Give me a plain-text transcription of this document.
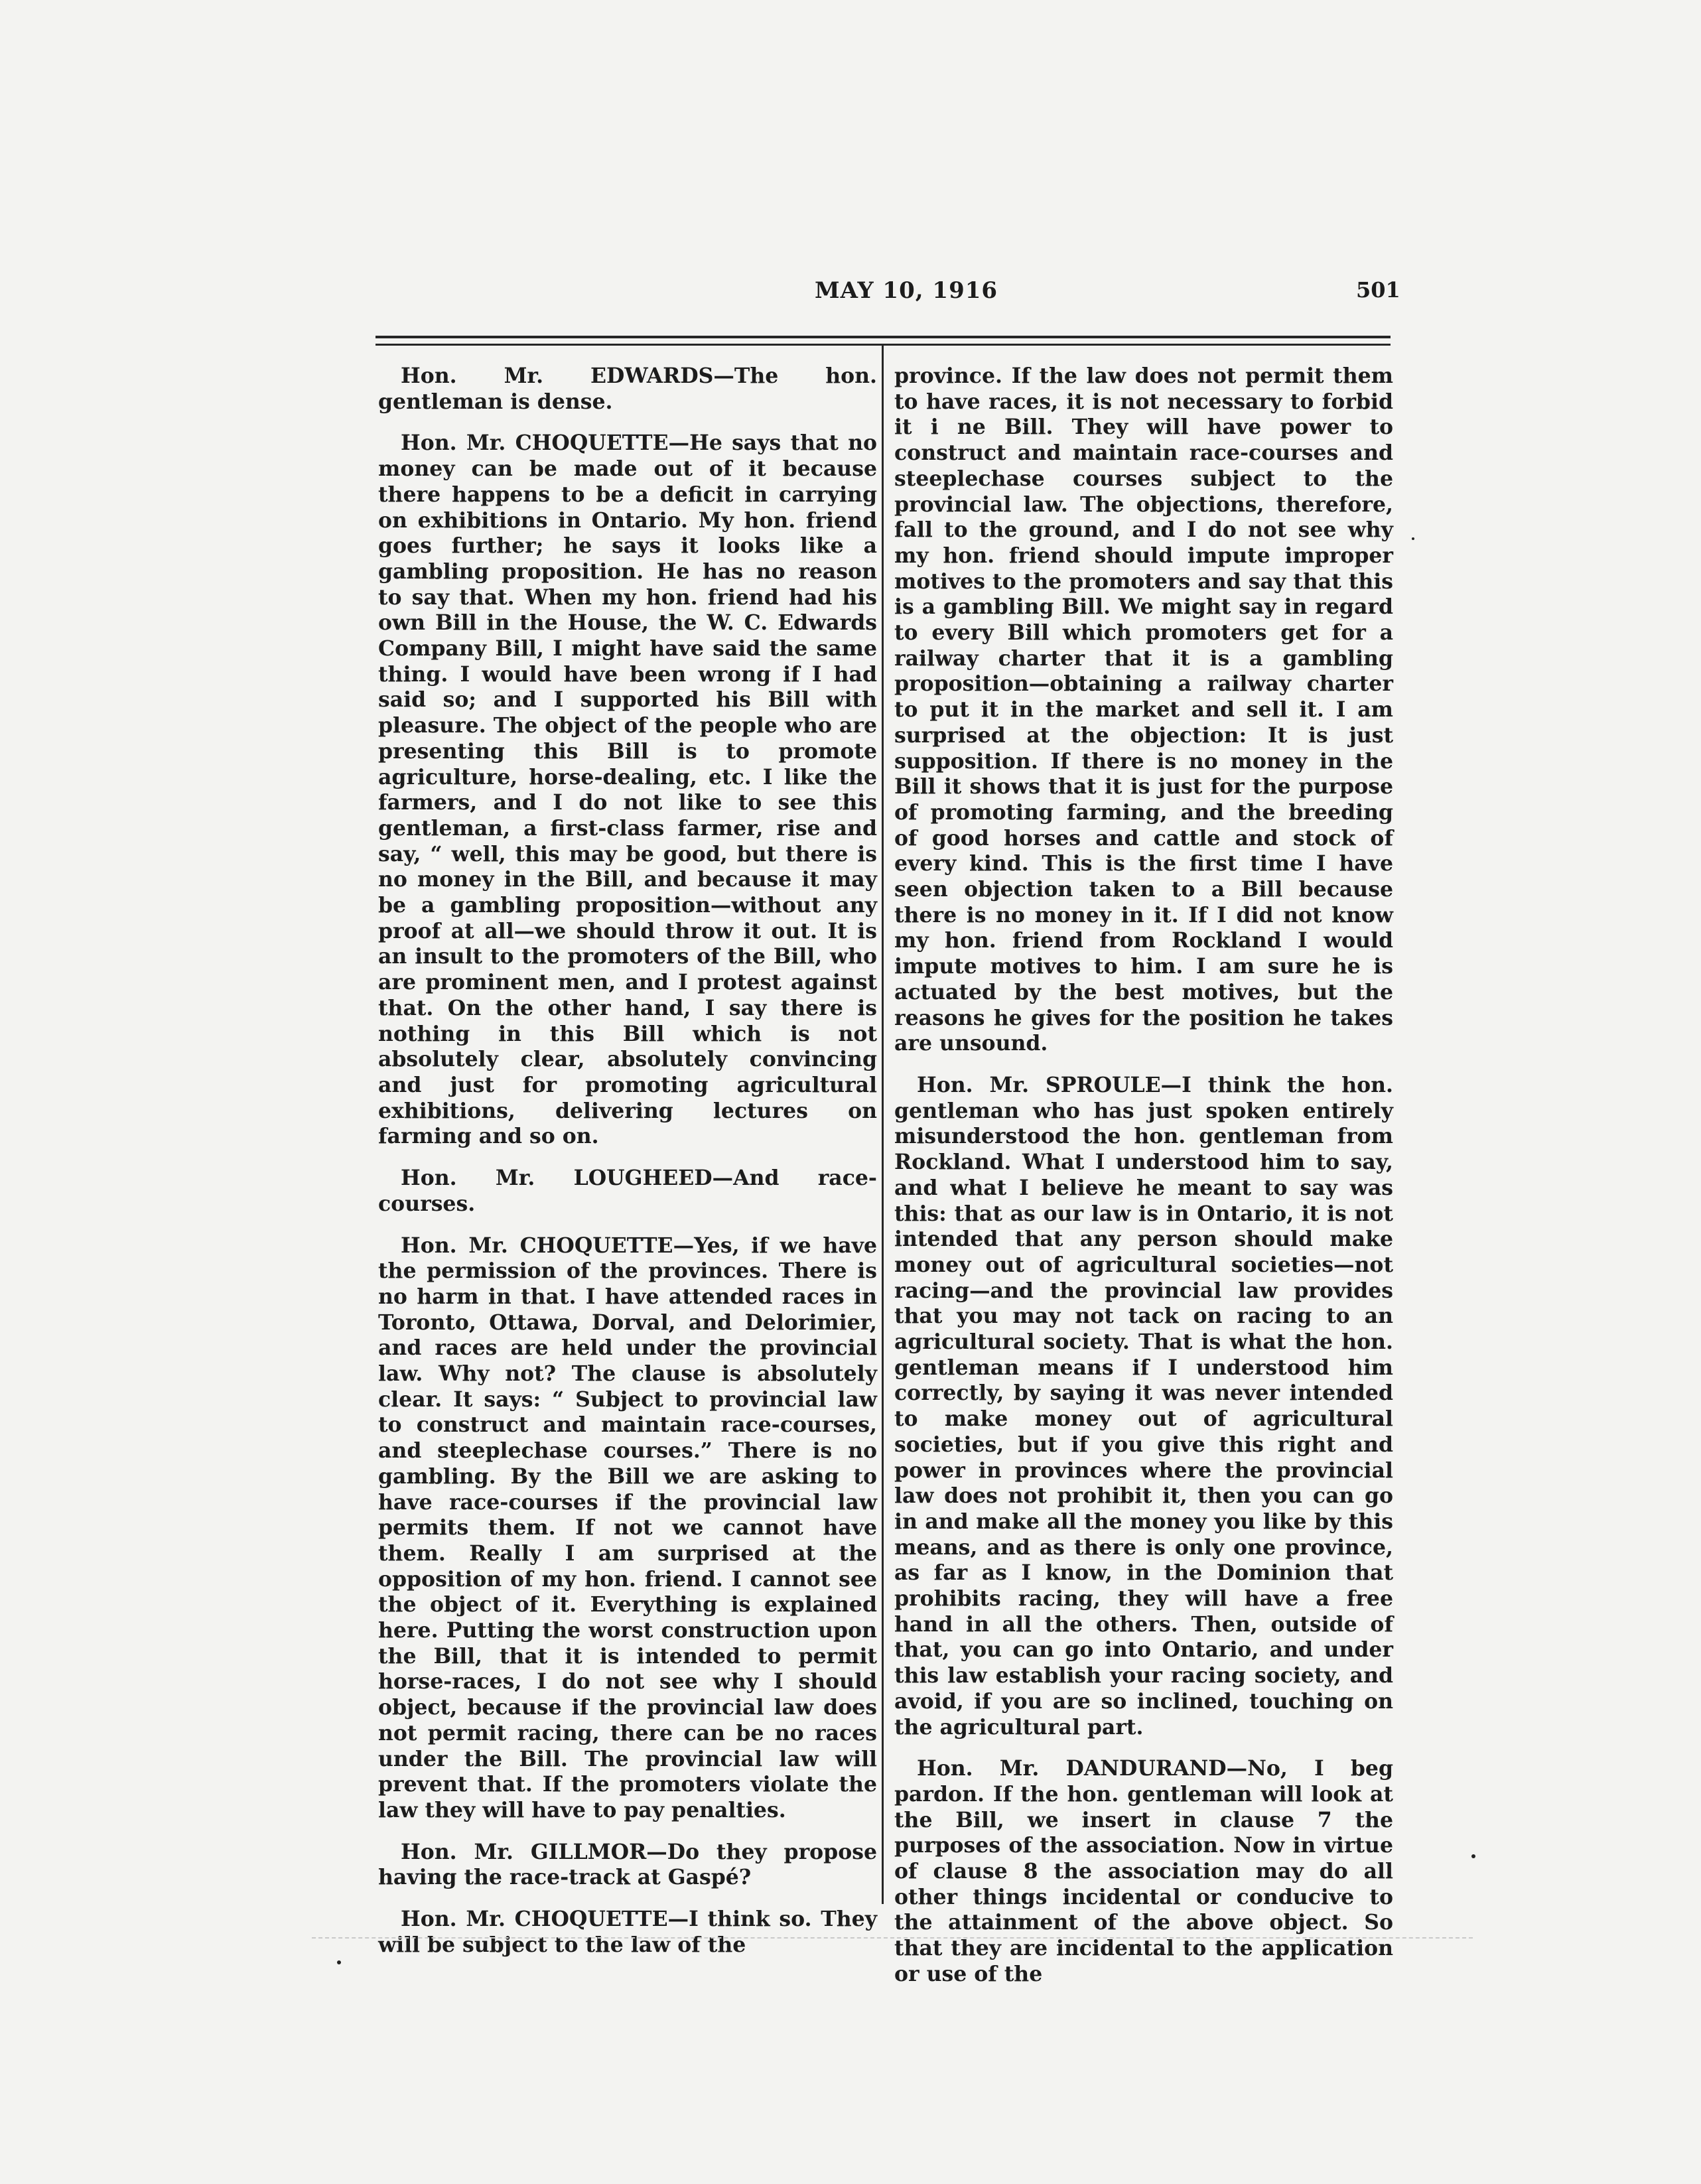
MAY 10, 1916	501

Hon. Mr. EDWARDS—The hon. gentleman is dense.

Hon. Mr. CHOQUETTE—He says that no money can be made out of it because there happens to be a deficit in carrying on exhibitions in Ontario. My hon. friend goes further; he says it looks like a gambling proposition. He has no reason to say that. When my hon. friend had his own Bill in the House, the W. C. Edwards Company Bill, I might have said the same thing. I would have been wrong if I had said so; and I supported his Bill with pleasure. The object of the people who are presenting this Bill is to promote agriculture, horse-dealing, etc. I like the farmers, and I do not like to see this gentleman, a first-class farmer, rise and say, “ well, this may be good, but there is no money in the Bill, and because it may be a gambling proposition—without any proof at all—we should throw it out. It is an insult to the promoters of the Bill, who are prominent men, and I protest against that. On the other hand, I say there is nothing in this Bill which is not absolutely clear, absolutely convincing and just for promoting agricultural exhibitions, delivering lectures on farming and so on.

Hon. Mr. LOUGHEED—And race-courses.

Hon. Mr. CHOQUETTE—Yes, if we have the permission of the provinces. There is no harm in that. I have attended races in Toronto, Ottawa, Dorval, and Delorimier, and races are held under the provincial law. Why not? The clause is absolutely clear. It says: “ Subject to provincial law to construct and maintain race-courses, and steeplechase courses.” There is no gambling. By the Bill we are asking to have race-courses if the provincial law permits them. If not we cannot have them. Really I am surprised at the opposition of my hon. friend. I cannot see the object of it. Everything is explained here. Putting the worst construction upon the Bill, that it is intended to permit horse-races, I do not see why I should object, because if the provincial law does not permit racing, there can be no races under the Bill. The provincial law will prevent that. If the promoters violate the law they will have to pay penalties.

Hon. Mr. GILLMOR—Do they propose having the race-track at Gaspé?

Hon. Mr. CHOQUETTE—I think so. They will be subject to the law of the

province. If the law does not permit them to have races, it is not necessary to forbid it i ne Bill. They will have power to construct and maintain race-courses and steeplechase courses subject to the provincial law. The objections, therefore, fall to the ground, and I do not see why my hon. friend should impute improper motives to the promoters and say that this is a gambling Bill. We might say in regard to every Bill which promoters get for a railway charter that it is a gambling proposition—obtaining a railway charter to put it in the market and sell it. I am surprised at the objection: It is just supposition. If there is no money in the Bill it shows that it is just for the purpose of promoting farming, and the breeding of good horses and cattle and stock of every kind. This is the first time I have seen objection taken to a Bill because there is no money in it. If I did not know my hon. friend from Rockland I would impute motives to him. I am sure he is actuated by the best motives, but the reasons he gives for the position he takes are unsound.

Hon. Mr. SPROULE—I think the hon. gentleman who has just spoken entirely misunderstood the hon. gentleman from Rockland. What I understood him to say, and what I believe he meant to say was this: that as our law is in Ontario, it is not intended that any person should make money out of agricultural societies—not racing—and the provincial law provides that you may not tack on racing to an agricultural society. That is what the hon. gentleman means if I understood him correctly, by saying it was never intended to make money out of agricultural societies, but if you give this right and power in provinces where the provincial law does not prohibit it, then you can go in and make all the money you like by this means, and as there is only one province, as far as I know, in the Dominion that prohibits racing, they will have a free hand in all the others. Then, outside of that, you can go into Ontario, and under this law establish your racing society, and avoid, if you are so inclined, touching on the agricultural part.

Hon. Mr. DANDURAND—No, I beg pardon. If the hon. gentleman will look at the Bill, we insert in clause 7 the purposes of the association. Now in virtue of clause 8 the association may do all other things incidental or conducive to the attainment of the above object. So that they are incidental to the application or use of the
